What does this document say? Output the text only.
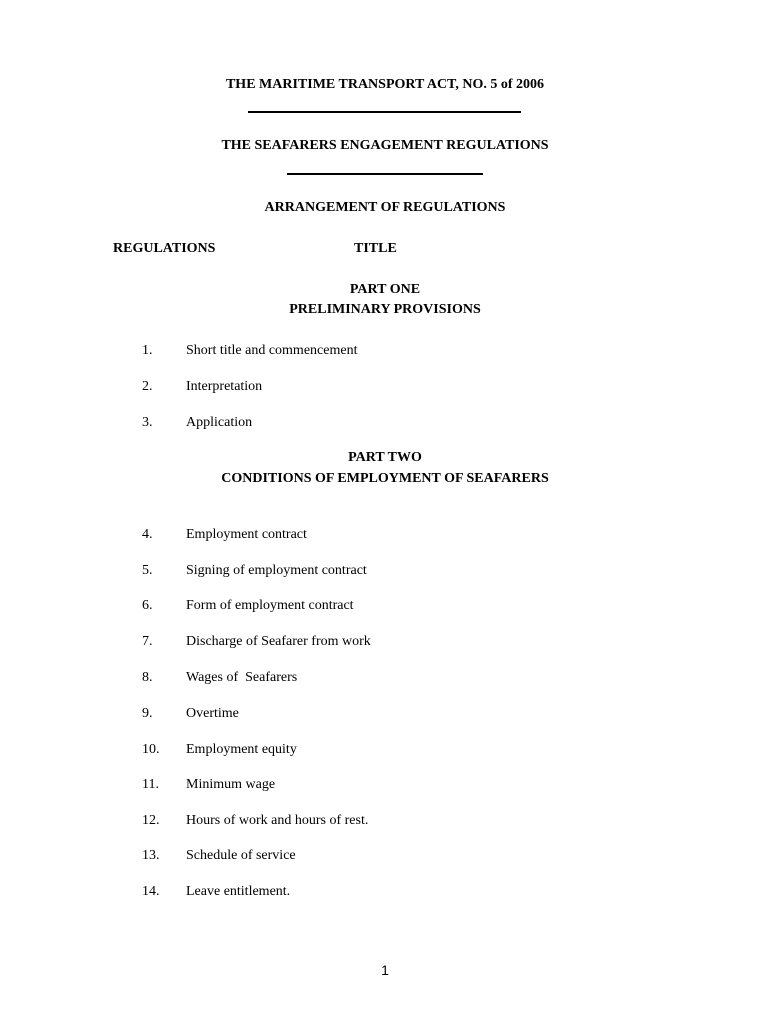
THE MARITIME TRANSPORT ACT, NO. 5 of 2006
THE SEAFARERS ENGAGEMENT REGULATIONS
ARRANGEMENT OF REGULATIONS
REGULATIONS	TITLE
PART ONE
PRELIMINARY PROVISIONS
1. Short title and commencement
2. Interpretation
3. Application
PART TWO
CONDITIONS OF EMPLOYMENT OF SEAFARERS
4. Employment contract
5. Signing of employment contract
6. Form of employment contract
7. Discharge of Seafarer from work
8. Wages of  Seafarers
9. Overtime
10. Employment equity
11. Minimum wage
12. Hours of work and hours of rest.
13. Schedule of service
14. Leave entitlement.
1
